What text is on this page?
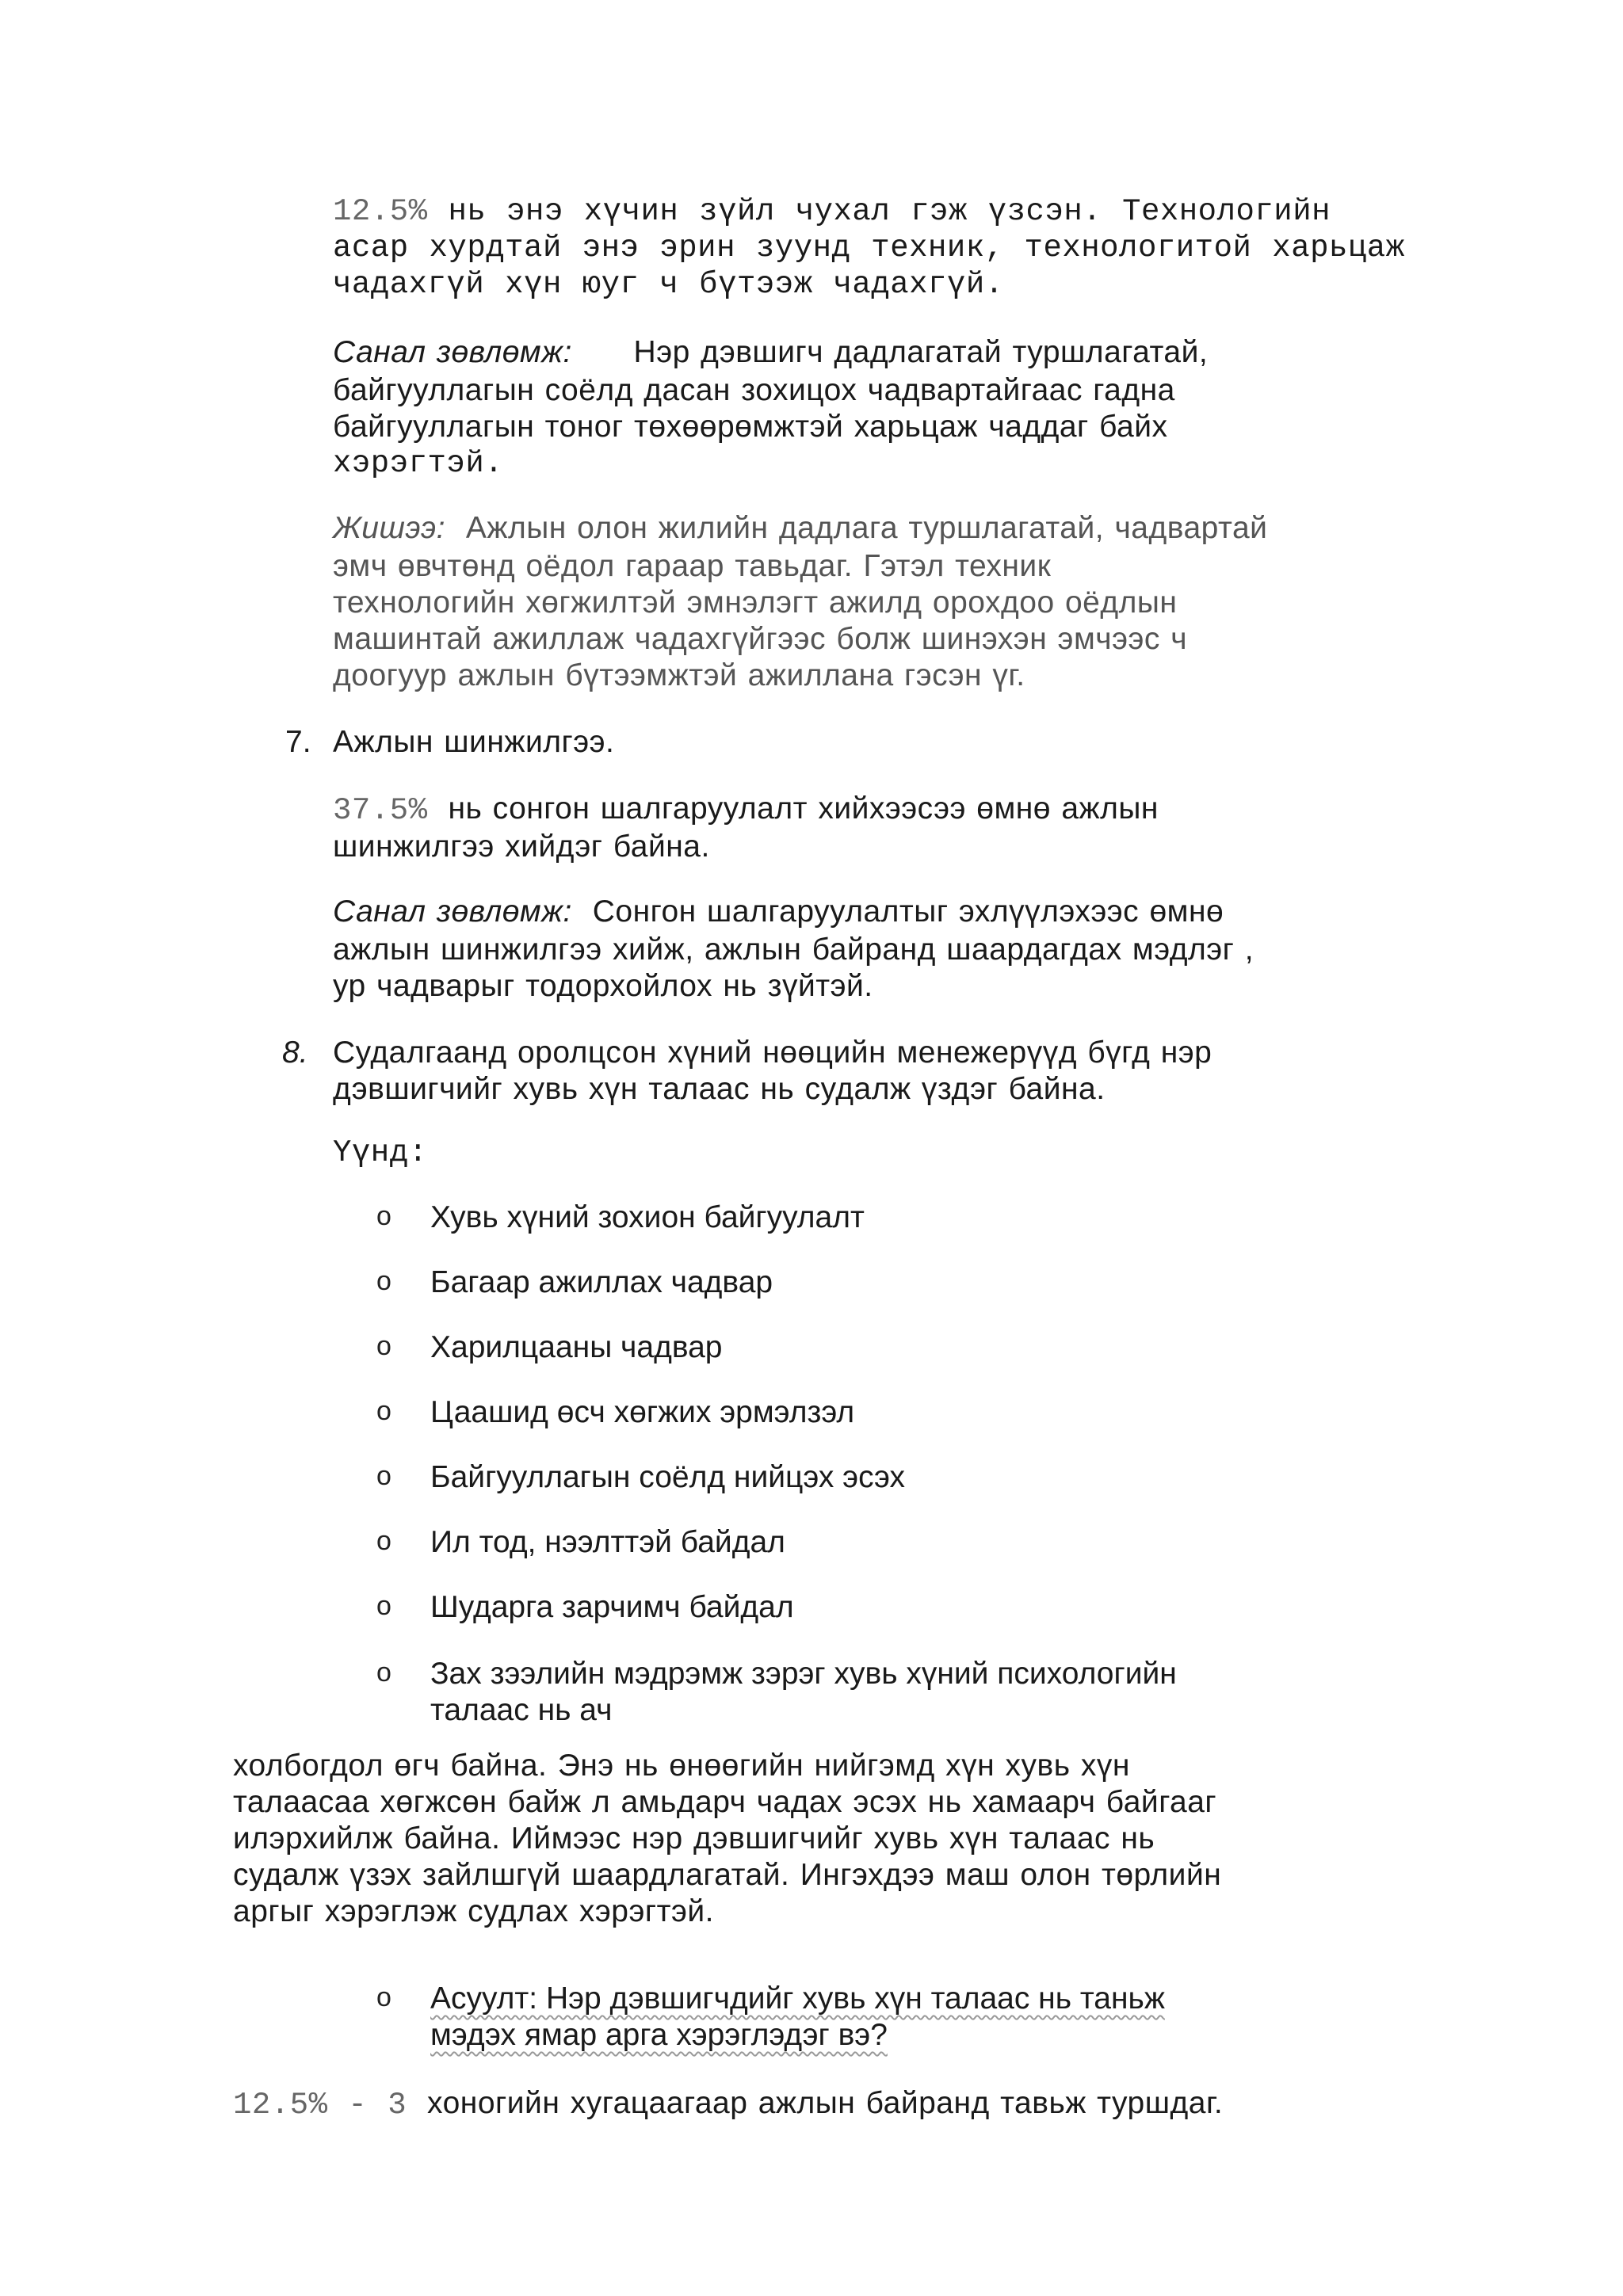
12.5% нь энэ хүчин зүйл чухал гэж үзсэн. Технологийн
асар хурдтай энэ эрин зуунд техник, технологитой харьцаж
чадахгүй хүн юуг ч бүтээж чадахгүй.
Санал зөвлөмж: Нэр дэвшигч дадлагатай туршлагатай,
байгууллагын соёлд дасан зохицох чадвартайгаас гадна
байгууллагын тоног төхөөрөмжтэй харьцаж чаддаг байх
хэрэгтэй.
Жишээ: Ажлын олон жилийн дадлага туршлагатай, чадвартай
эмч өвчтөнд оёдол гараар тавьдаг. Гэтэл техник
технологийн хөгжилтэй эмнэлэгт ажилд орохдоо оёдлын
машинтай ажиллаж чадахгүйгээс болж шинэхэн эмчээс ч
доогуур ажлын бүтээмжтэй ажиллана гэсэн үг.
7. Ажлын шинжилгээ.
37.5% нь сонгон шалгаруулалт хийхээсээ өмнө ажлын
шинжилгээ хийдэг байна.
Санал зөвлөмж: Сонгон шалгаруулалтыг эхлүүлэхээс өмнө
ажлын шинжилгээ хийж, ажлын байранд шаардагдах мэдлэг ,
ур чадварыг тодорхойлох нь зүйтэй.
8. Судалгаанд оролцсон хүний нөөцийн менежерүүд бүгд нэр
дэвшигчийг хувь хүн талаас нь судалж үздэг байна.
Үүнд:
o Хувь хүний зохион байгуулалт
o Багаар ажиллах чадвар
o Харилцааны чадвар
o Цаашид өсч хөгжих эрмэлзэл
o Байгууллагын соёлд нийцэх эсэх
o Ил тод, нээлттэй байдал
o Шударга зарчимч байдал
o Зах зээлийн мэдрэмж зэрэг хувь хүний психологийн
талаас нь ач
холбогдол өгч байна. Энэ нь өнөөгийн нийгэмд хүн хувь хүн
талаасаа хөгжсөн байж л амьдарч чадах эсэх нь хамаарч байгааг
илэрхийлж байна. Иймээс нэр дэвшигчийг хувь хүн талаас нь
судалж үзэх зайлшгүй шаардлагатай. Ингэхдээ маш олон төрлийн
аргыг хэрэглэж судлах хэрэгтэй.
o Асуулт: Нэр дэвшигчдийг хувь хүн талаас нь таньж
мэдэх ямар арга хэрэглэдэг вэ?
12.5% - 3 хоногийн хугацаагаар ажлын байранд тавьж туршдаг.
